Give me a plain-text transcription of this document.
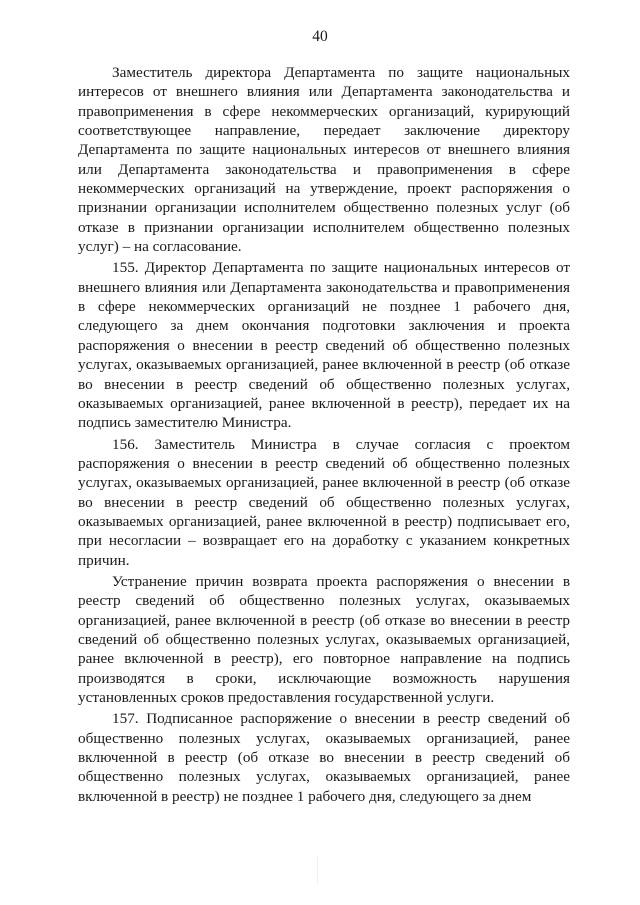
40

Заместитель директора Департамента по защите национальных интересов от внешнего влияния или Департамента законодательства и правоприменения в сфере некоммерческих организаций, курирующий соответствующее направление, передает заключение директору Департамента по защите национальных интересов от внешнего влияния или Департамента законодательства и правоприменения в сфере некоммерческих организаций на утверждение, проект распоряжения о признании организации исполнителем общественно полезных услуг (об отказе в признании организации исполнителем общественно полезных услуг) – на согласование.

155. Директор Департамента по защите национальных интересов от внешнего влияния или Департамента законодательства и правоприменения в сфере некоммерческих организаций не позднее 1 рабочего дня, следующего за днем окончания подготовки заключения и проекта распоряжения о внесении в реестр сведений об общественно полезных услугах, оказываемых организацией, ранее включенной в реестр (об отказе во внесении в реестр сведений об общественно полезных услугах, оказываемых организацией, ранее включенной в реестр), передает их на подпись заместителю Министра.

156. Заместитель Министра в случае согласия с проектом распоряжения о внесении в реестр сведений об общественно полезных услугах, оказываемых организацией, ранее включенной в реестр (об отказе во внесении в реестр сведений об общественно полезных услугах, оказываемых организацией, ранее включенной в реестр) подписывает его, при несогласии – возвращает его на доработку с указанием конкретных причин.

Устранение причин возврата проекта распоряжения о внесении в реестр сведений об общественно полезных услугах, оказываемых организацией, ранее включенной в реестр (об отказе во внесении в реестр сведений об общественно полезных услугах, оказываемых организацией, ранее включенной в реестр), его повторное направление на подпись производятся в сроки, исключающие возможность нарушения установленных сроков предоставления государственной услуги.

157. Подписанное распоряжение о внесении в реестр сведений об общественно полезных услугах, оказываемых организацией, ранее включенной в реестр (об отказе во внесении в реестр сведений об общественно полезных услугах, оказываемых организацией, ранее включенной в реестр) не позднее 1 рабочего дня, следующего за днем
